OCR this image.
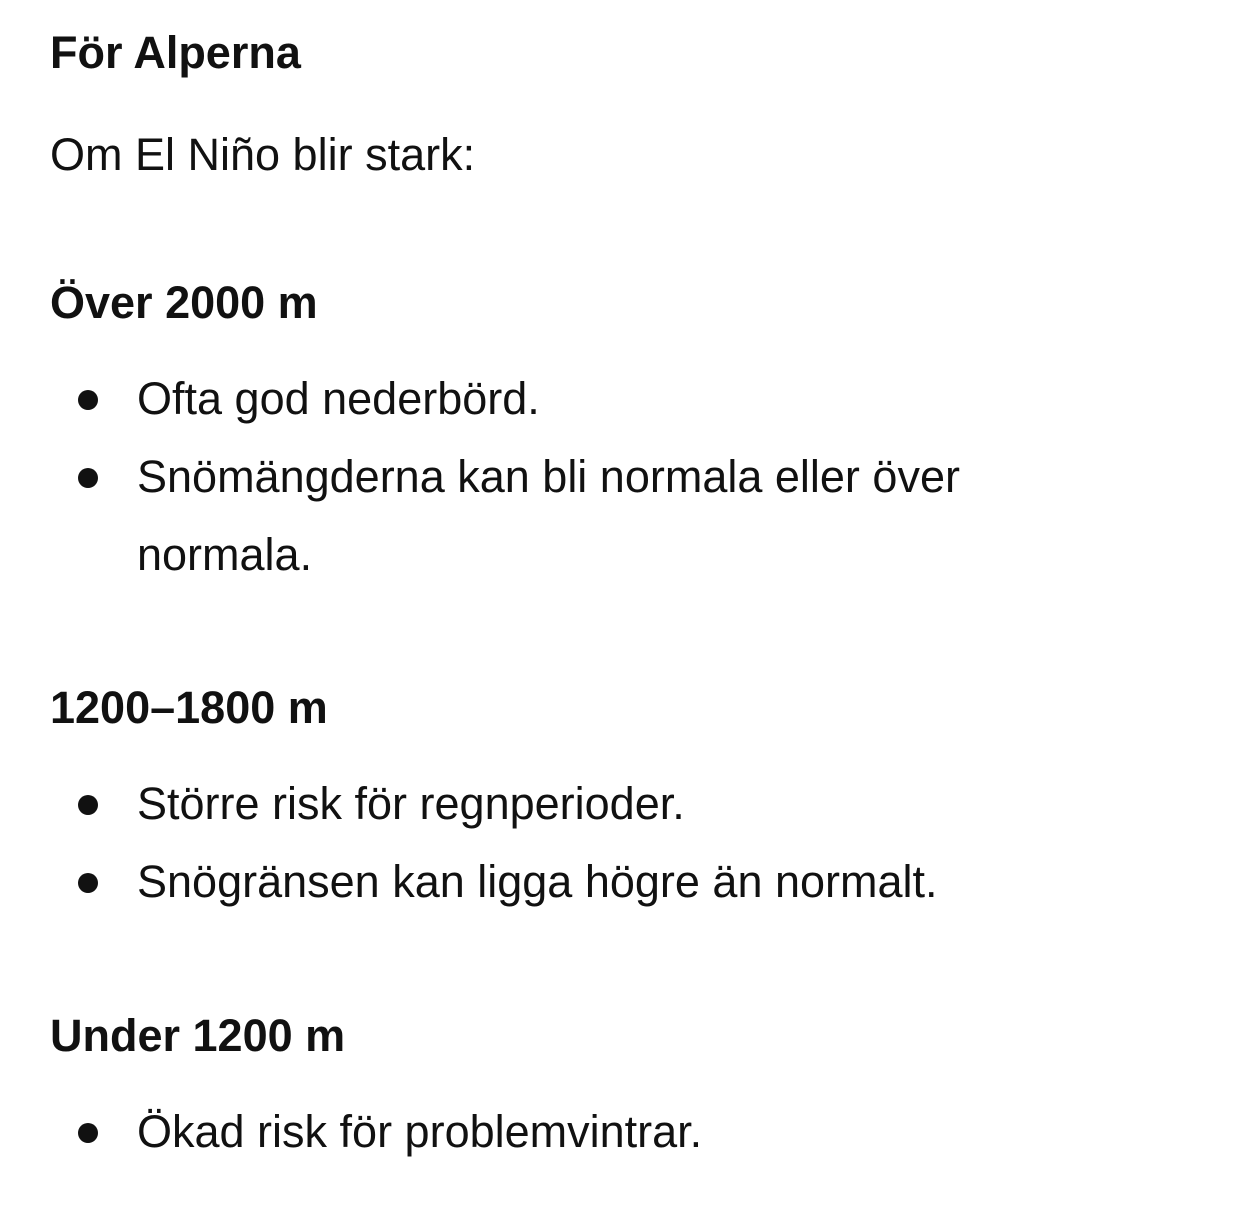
För Alperna

Om El Niño blir stark:

Över 2000 m
Ofta god nederbörd.
Snömängderna kan bli normala eller över normala.
1200–1800 m
Större risk för regnperioder.
Snögränsen kan ligga högre än normalt.
Under 1200 m
Ökad risk för problemvintrar.
